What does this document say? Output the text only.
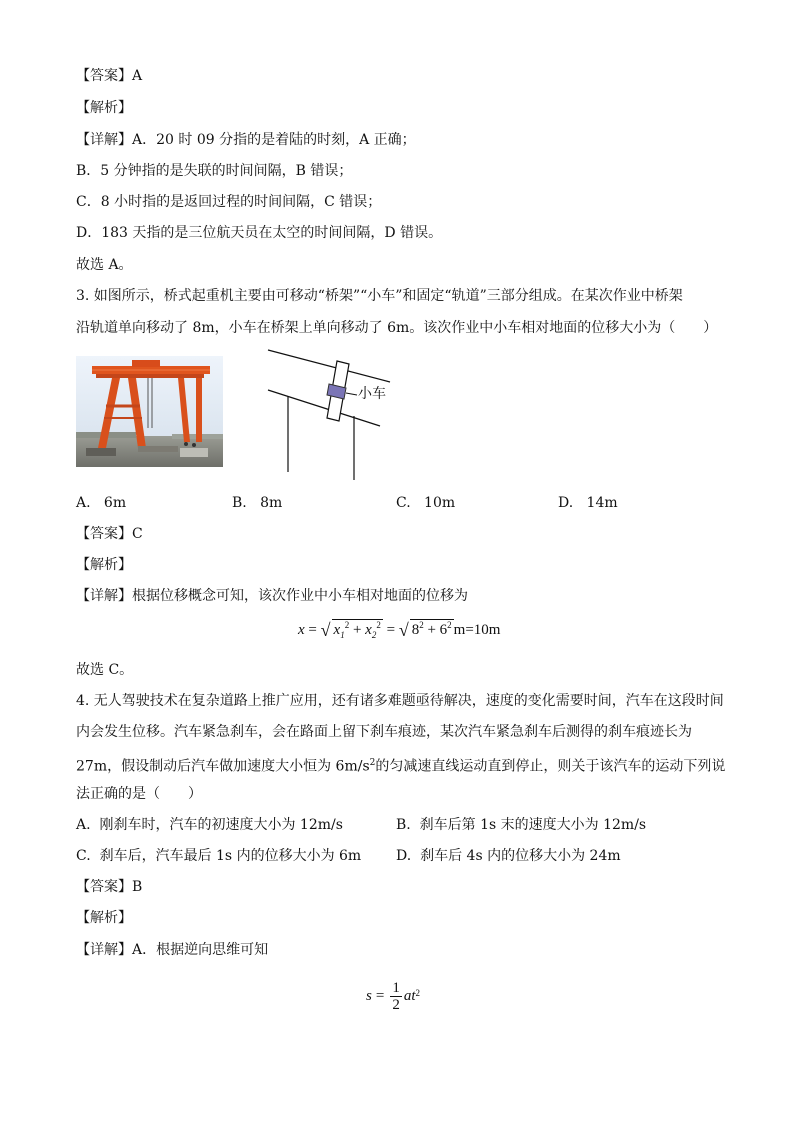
【答案】A
【解析】
【详解】A．20 时 09 分指的是着陆的时刻，A 正确；
B．5 分钟指的是失联的时间间隔，B 错误；
C．8 小时指的是返回过程的时间间隔，C 错误；
D．183 天指的是三位航天员在太空的时间间隔，D 错误。
故选 A。
3. 如图所示，桥式起重机主要由可移动“桥架”“小车”和固定“轨道”三部分组成。在某次作业中桥架
沿轨道单向移动了 8m，小车在桥架上单向移动了 6m。该次作业中小车相对地面的位移大小为（　　）
小车
A. 6m	B. 8m	C. 10m	D. 14m
【答案】C
【解析】
【详解】根据位移概念可知，该次作业中小车相对地面的位移为
x = √ $x_1^2 + x_2^2$ = √ $8^2 + 6^2$ m=10m
故选 C。
4. 无人驾驶技术在复杂道路上推广应用，还有诸多难题亟待解决，速度的变化需要时间，汽车在这段时间
内会发生位移。汽车紧急刹车，会在路面上留下刹车痕迹，某次汽车紧急刹车后测得的刹车痕迹长为
27m，假设制动后汽车做加速度大小恒为 $6m/s^2$的匀减速直线运动直到停止，则关于该汽车的运动下列说
法正确的是（　　）
A. 刚刹车时，汽车的初速度大小为 12m/s	B. 刹车后第 1s 末的速度大小为 12m/s
C. 刹车后，汽车最后 1s 内的位移大小为 6m D. 刹车后 4s 内的位移大小为 24m
【答案】B
【解析】
【详解】A．根据逆向思维可知
$s = \frac{1}{2}$ at 2
